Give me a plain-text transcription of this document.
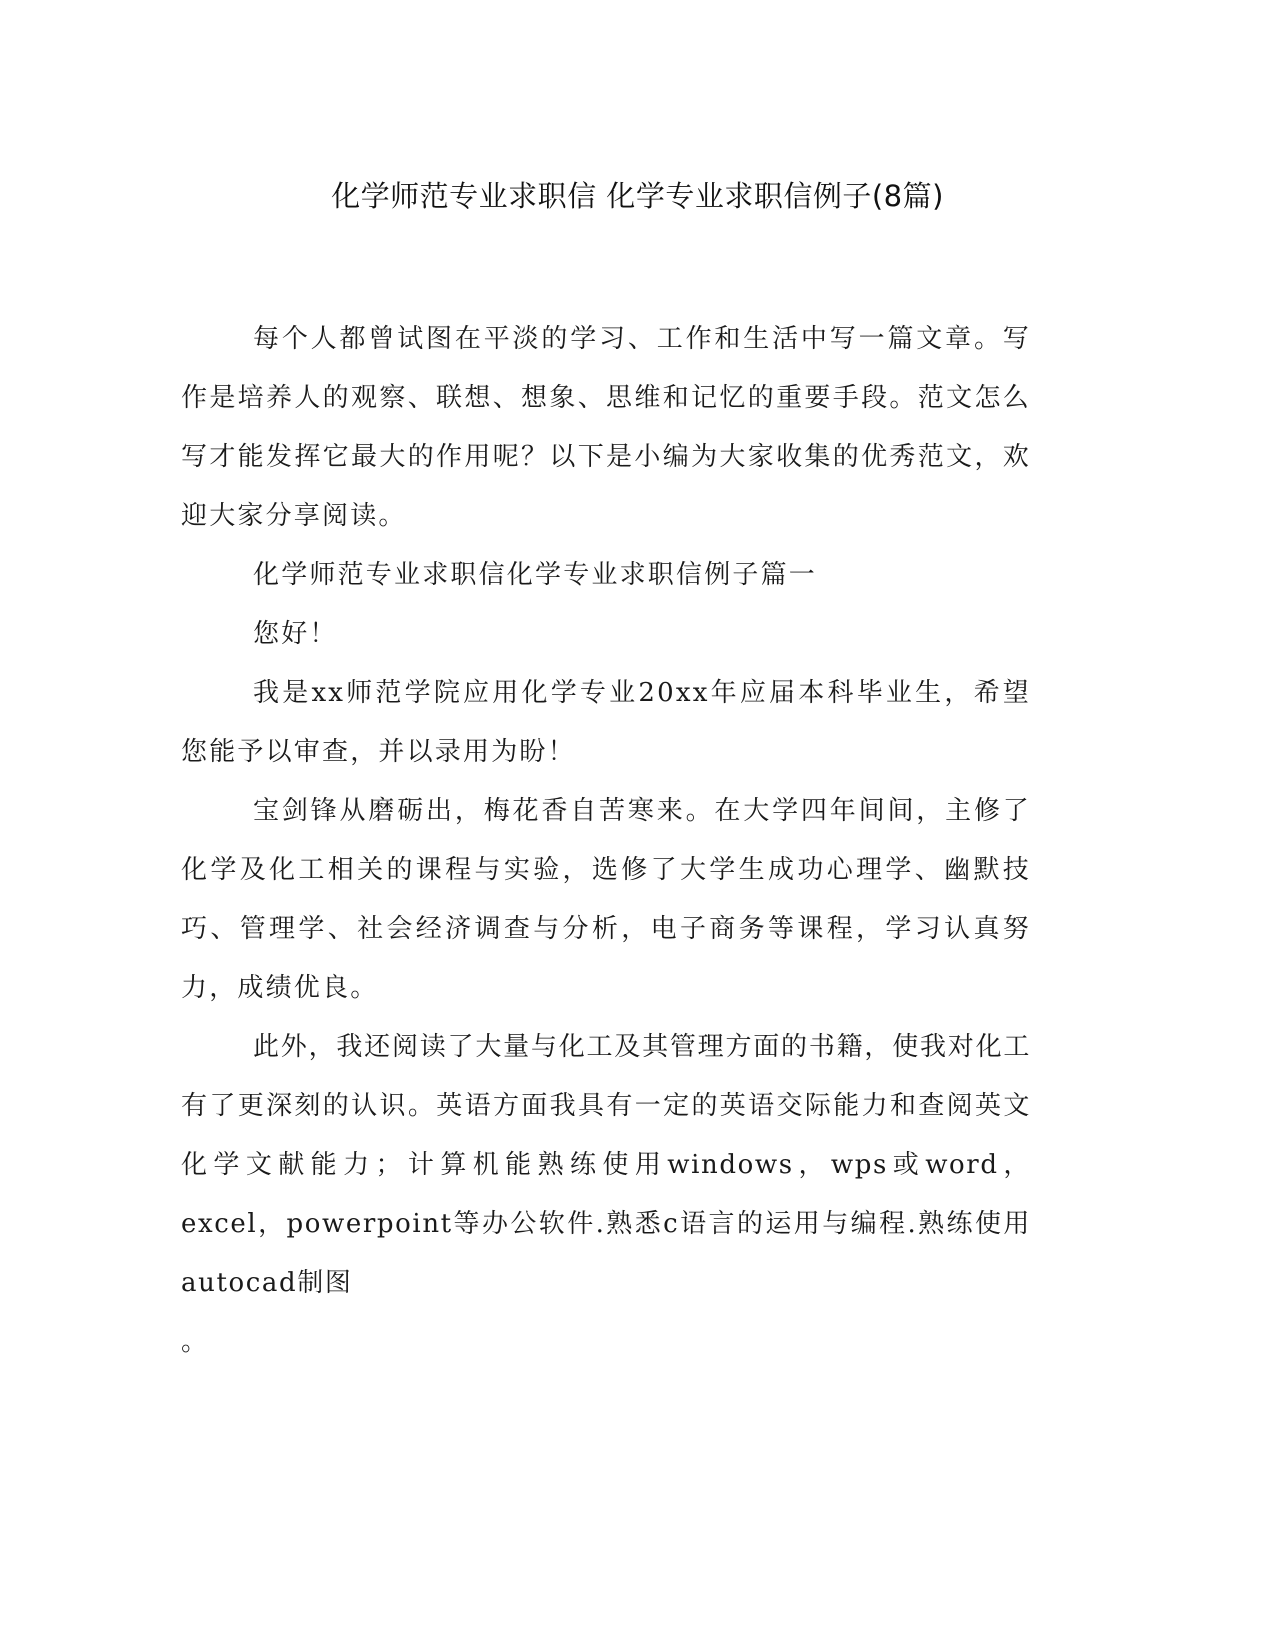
化学师范专业求职信 化学专业求职信例子(8篇)

每个人都曾试图在平淡的学习、工作和生活中写一篇文章。写作是培养人的观察、联想、想象、思维和记忆的重要手段。范文怎么写才能发挥它最大的作用呢？以下是小编为大家收集的优秀范文，欢迎大家分享阅读。

化学师范专业求职信化学专业求职信例子篇一

您好！

我是xx师范学院应用化学专业20xx年应届本科毕业生，希望您能予以审查，并以录用为盼！

宝剑锋从磨砺出，梅花香自苦寒来。在大学四年间间，主修了化学及化工相关的课程与实验，选修了大学生成功心理学、幽默技巧、管理学、社会经济调查与分析，电子商务等课程，学习认真努力，成绩优良。

此外，我还阅读了大量与化工及其管理方面的书籍，使我对化工有了更深刻的认识。英语方面我具有一定的英语交际能力和查阅英文化学文献能力；计算机能熟练使用windows，wps或word，excel，powerpoint等办公软件.熟悉c语言的运用与编程.熟练使用autocad制图

。
